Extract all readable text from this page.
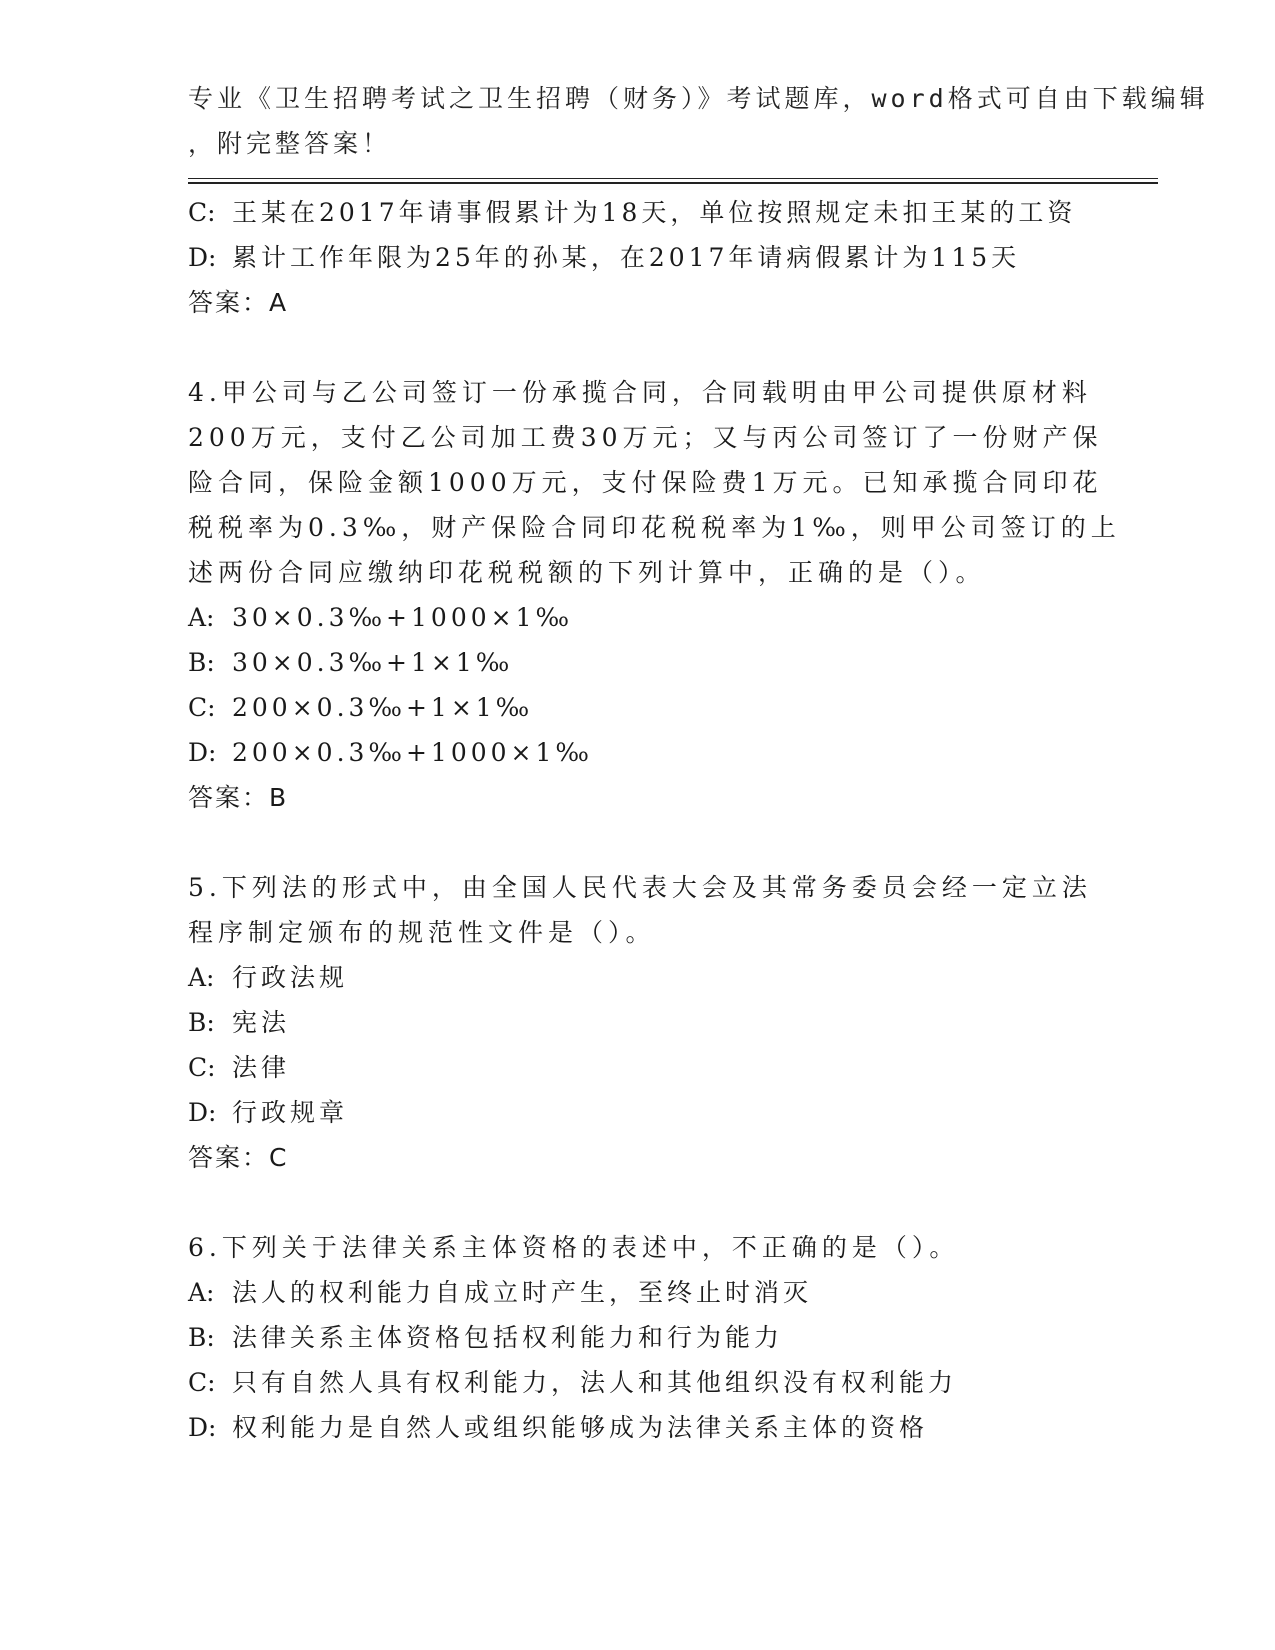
专业《卫生招聘考试之卫生招聘（财务）》考试题库，word格式可自由下载编辑
，附完整答案！
C: 王某在2017年请事假累计为18天，单位按照规定未扣王某的工资
D: 累计工作年限为25年的孙某，在2017年请病假累计为115天
答案：A
4.甲公司与乙公司签订一份承揽合同，合同载明由甲公司提供原材料
200万元，支付乙公司加工费30万元；又与丙公司签订了一份财产保
险合同，保险金额1000万元，支付保险费1万元。已知承揽合同印花
税税率为0.3‰，财产保险合同印花税税率为1‰，则甲公司签订的上
述两份合同应缴纳印花税税额的下列计算中，正确的是（）。
A: 30×0.3‰+1000×1‰
B: 30×0.3‰+1×1‰
C: 200×0.3‰+1×1‰
D: 200×0.3‰+1000×1‰
答案：B
5.下列法的形式中，由全国人民代表大会及其常务委员会经一定立法
程序制定颁布的规范性文件是（）。
A: 行政法规
B: 宪法
C: 法律
D: 行政规章
答案：C
6.下列关于法律关系主体资格的表述中，不正确的是（）。
A: 法人的权利能力自成立时产生，至终止时消灭
B: 法律关系主体资格包括权利能力和行为能力
C: 只有自然人具有权利能力，法人和其他组织没有权利能力
D: 权利能力是自然人或组织能够成为法律关系主体的资格
